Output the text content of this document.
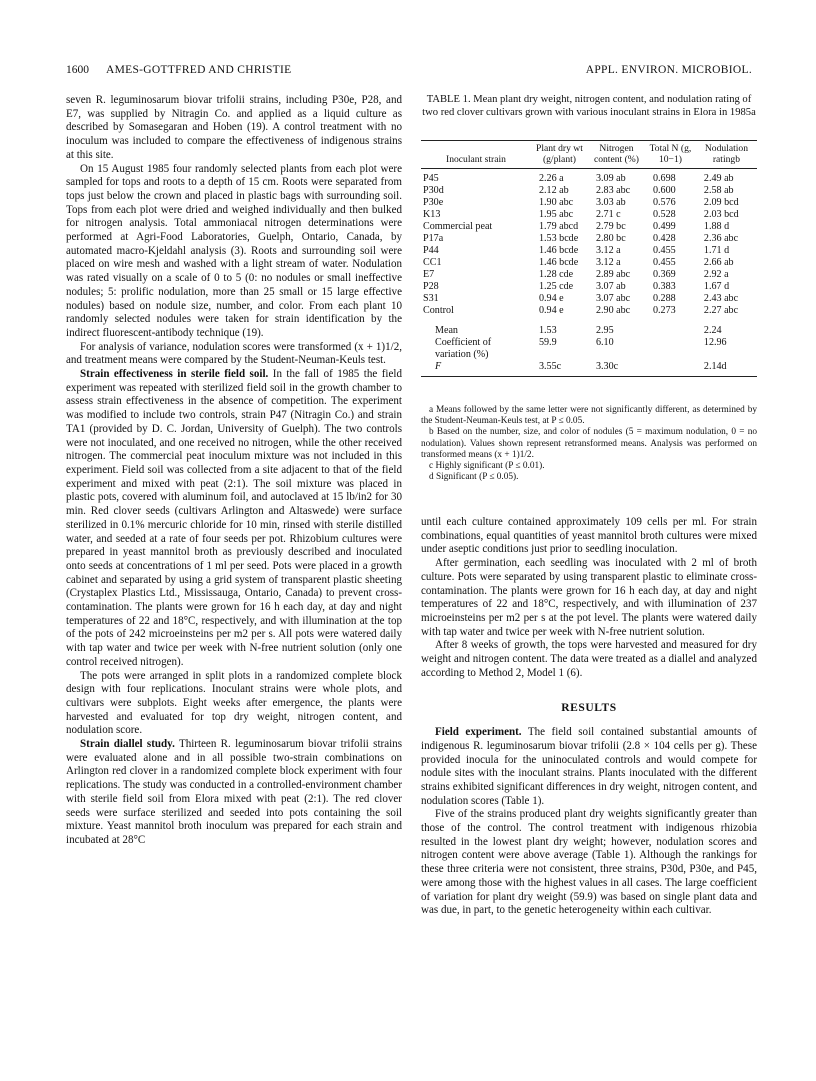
1600 AMES-GOTTFRED AND CHRISTIE	APPL. ENVIRON. MICROBIOL.

seven R. leguminosarum biovar trifolii strains, including P30e, P28, and E7, was supplied by Nitragin Co. and applied as a liquid culture as described by Somasegaran and Hoben (19). A control treatment with no inoculum was included to compare the effectiveness of indigenous strains at this site.

On 15 August 1985 four randomly selected plants from each plot were sampled for tops and roots to a depth of 15 cm. Roots were separated from tops just below the crown and placed in plastic bags with surrounding soil. Tops from each plot were dried and weighed individually and then bulked for nitrogen analysis. Total ammoniacal nitrogen determinations were performed at Agri-Food Laboratories, Guelph, Ontario, Canada, by automated macro-Kjeldahl analysis (3). Roots and surrounding soil were placed on wire mesh and washed with a light stream of water. Nodulation was rated visually on a scale of 0 to 5 (0: no nodules or small ineffective nodules; 5: prolific nodulation, more than 25 small or 15 large effective nodules) based on nodule size, number, and color. From each plant 10 randomly selected nodules were taken for strain identification by the indirect fluorescent-antibody technique (19).

For analysis of variance, nodulation scores were transformed (x + 1)1/2, and treatment means were compared by the Student-Neuman-Keuls test.

Strain effectiveness in sterile field soil. In the fall of 1985 the field experiment was repeated with sterilized field soil in the growth chamber to assess strain effectiveness in the absence of competition. The experiment was modified to include two controls, strain P47 (Nitragin Co.) and strain TA1 (provided by D. C. Jordan, University of Guelph). The two controls were not inoculated, and one received no nitrogen, while the other received nitrogen. The commercial peat inoculum mixture was not included in this experiment. Field soil was collected from a site adjacent to that of the field experiment and mixed with peat (2:1). The soil mixture was placed in plastic pots, covered with aluminum foil, and autoclaved at 15 lb/in2 for 30 min. Red clover seeds (cultivars Arlington and Altaswede) were surface sterilized in 0.1% mercuric chloride for 10 min, rinsed with sterile distilled water, and seeded at a rate of four seeds per pot. Rhizobium cultures were prepared in yeast mannitol broth as previously described and inoculated onto seeds at concentrations of 1 ml per seed. Pots were placed in a growth cabinet and separated by using a grid system of transparent plastic sheeting (Crystaplex Plastics Ltd., Mississauga, Ontario, Canada) to prevent cross-contamination. The plants were grown for 16 h each day, at day and night temperatures of 22 and 18°C, respectively, and with illumination at the top of the pots of 242 microeinsteins per m2 per s. All pots were watered daily with tap water and twice per week with N-free nutrient solution (only one control received nitrogen).

The pots were arranged in split plots in a randomized complete block design with four replications. Inoculant strains were whole plots, and cultivars were subplots. Eight weeks after emergence, the plants were harvested and evaluated for top dry weight, nitrogen content, and nodulation score.

Strain diallel study. Thirteen R. leguminosarum biovar trifolii strains were evaluated alone and in all possible two-strain combinations on Arlington red clover in a randomized complete block experiment with four replications. The study was conducted in a controlled-environment chamber with sterile field soil from Elora mixed with peat (2:1). The red clover seeds were surface sterilized and seeded into pots containing the soil mixture. Yeast mannitol broth inoculum was prepared for each strain and incubated at 28°C

TABLE 1. Mean plant dry weight, nitrogen content, and nodulation rating of two red clover cultivars grown with various inoculant strains in Elora in 1985a
Inoculant strain	Plant dry wt (g/plant)	Nitrogen content (%)	Total N (g, 10−1)	Nodulation ratingb
P45	2.26 a	3.09 ab	0.698	2.49 ab
P30d	2.12 ab	2.83 abc	0.600	2.58 ab
P30e	1.90 abc	3.03 ab	0.576	2.09 bcd
K13	1.95 abc	2.71 c	0.528	2.03 bcd
Commercial peat	1.79 abcd	2.79 bc	0.499	1.88 d
P17a	1.53 bcde	2.80 bc	0.428	2.36 abc
P44	1.46 bcde	3.12 a	0.455	1.71 d
CC1	1.46 bcde	3.12 a	0.455	2.66 ab
E7	1.28 cde	2.89 abc	0.369	2.92 a
P28	1.25 cde	3.07 ab	0.383	1.67 d
S31	0.94 e	3.07 abc	0.288	2.43 abc
Control	0.94 e	2.90 abc	0.273	2.27 abc
Mean	1.53	2.95		2.24
Coefficient of variation (%)	59.9	6.10		12.96
F	3.55c	3.30c		2.14d

a Means followed by the same letter were not significantly different, as determined by the Student-Neuman-Keuls test, at P ≤ 0.05.

b Based on the number, size, and color of nodules (5 = maximum nodulation, 0 = no nodulation). Values shown represent retransformed means. Analysis was performed on transformed means (x + 1)1/2.

c Highly significant (P ≤ 0.01).

d Significant (P ≤ 0.05).

until each culture contained approximately 109 cells per ml. For strain combinations, equal quantities of yeast mannitol broth cultures were mixed under aseptic conditions just prior to seedling inoculation.

After germination, each seedling was inoculated with 2 ml of broth culture. Pots were separated by using transparent plastic to eliminate cross-contamination. The plants were grown for 16 h each day, at day and night temperatures of 22 and 18°C, respectively, and with illumination of 237 microeinsteins per m2 per s at the pot level. The plants were watered daily with tap water and twice per week with N-free nutrient solution.

After 8 weeks of growth, the tops were harvested and measured for dry weight and nitrogen content. The data were treated as a diallel and analyzed according to Method 2, Model 1 (6).

RESULTS

Field experiment. The field soil contained substantial amounts of indigenous R. leguminosarum biovar trifolii (2.8 × 104 cells per g). These provided inocula for the uninoculated controls and would compete for nodule sites with the inoculant strains. Plants inoculated with the different strains exhibited significant differences in dry weight, nitrogen content, and nodulation scores (Table 1).

Five of the strains produced plant dry weights significantly greater than those of the control. The control treatment with indigenous rhizobia resulted in the lowest plant dry weight; however, nodulation scores and nitrogen content were above average (Table 1). Although the rankings for these three criteria were not consistent, three strains, P30d, P30e, and P45, were among those with the highest values in all cases. The large coefficient of variation for plant dry weight (59.9) was based on single plant data and was due, in part, to the genetic heterogeneity within each cultivar.
